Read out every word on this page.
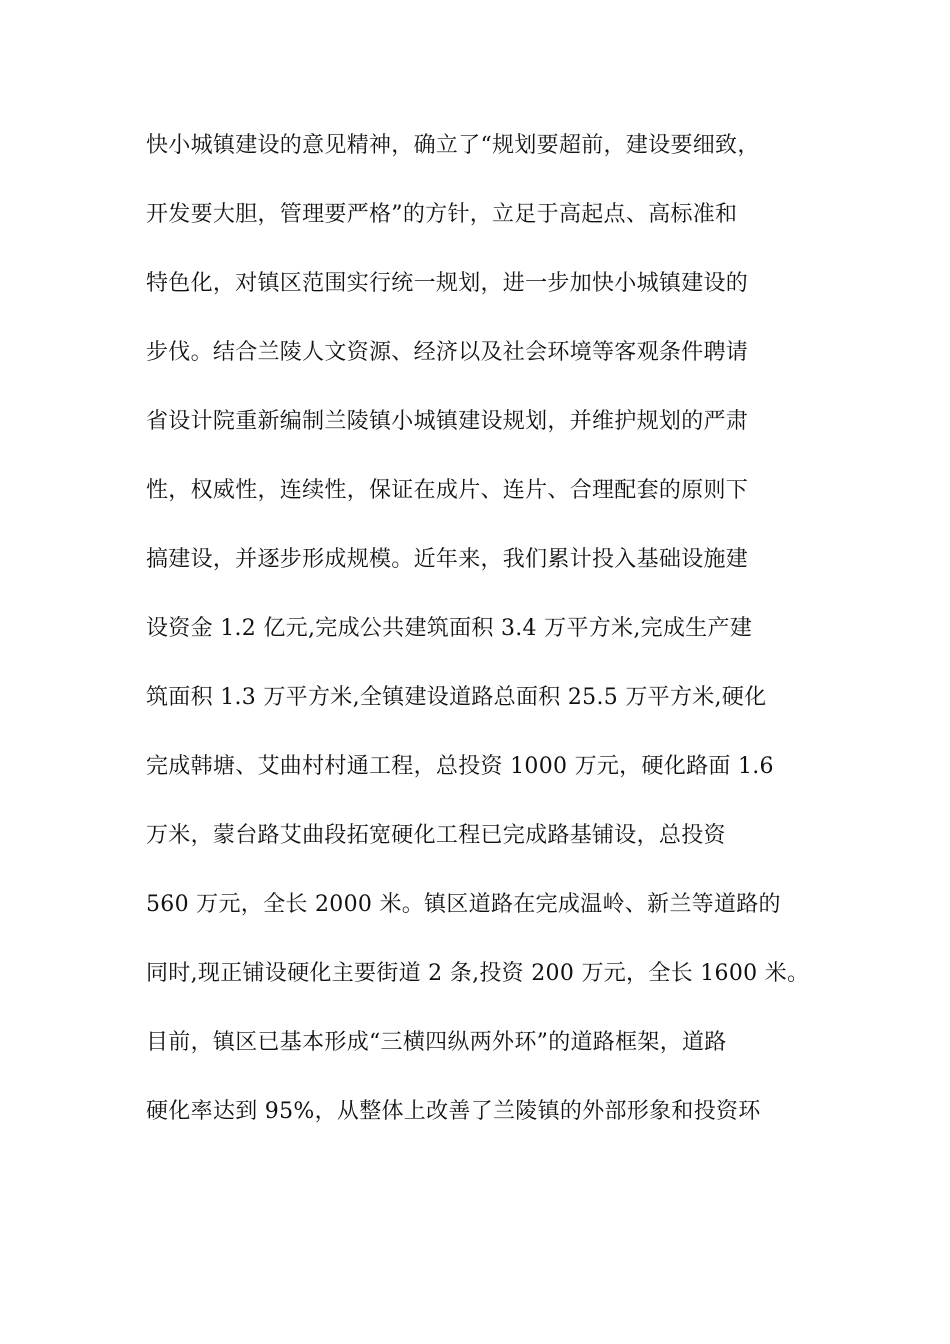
快小城镇建设的意见精神，确立了“规划要超前，建设要细致，
开发要大胆，管理要严格”的方针，立足于高起点、高标准和
特色化，对镇区范围实行统一规划，进一步加快小城镇建设的
步伐。结合兰陵人文资源、经济以及社会环境等客观条件聘请
省设计院重新编制兰陵镇小城镇建设规划，并维护规划的严肃
性，权威性，连续性，保证在成片、连片、合理配套的原则下
搞建设，并逐步形成规模。近年来，我们累计投入基础设施建
设资金 1.2 亿元,完成公共建筑面积 3.4 万平方米,完成生产建
筑面积 1.3 万平方米,全镇建设道路总面积 25.5 万平方米,硬化
完成韩塘、艾曲村村通工程，总投资 1000 万元，硬化路面 1.6
万米，蒙台路艾曲段拓宽硬化工程已完成路基铺设，总投资
560 万元，全长 2000 米。镇区道路在完成温岭、新兰等道路的
同时,现正铺设硬化主要街道 2 条,投资 200 万元，全长 1600 米。
目前，镇区已基本形成“三横四纵两外环”的道路框架，道路
硬化率达到 95%，从整体上改善了兰陵镇的外部形象和投资环
